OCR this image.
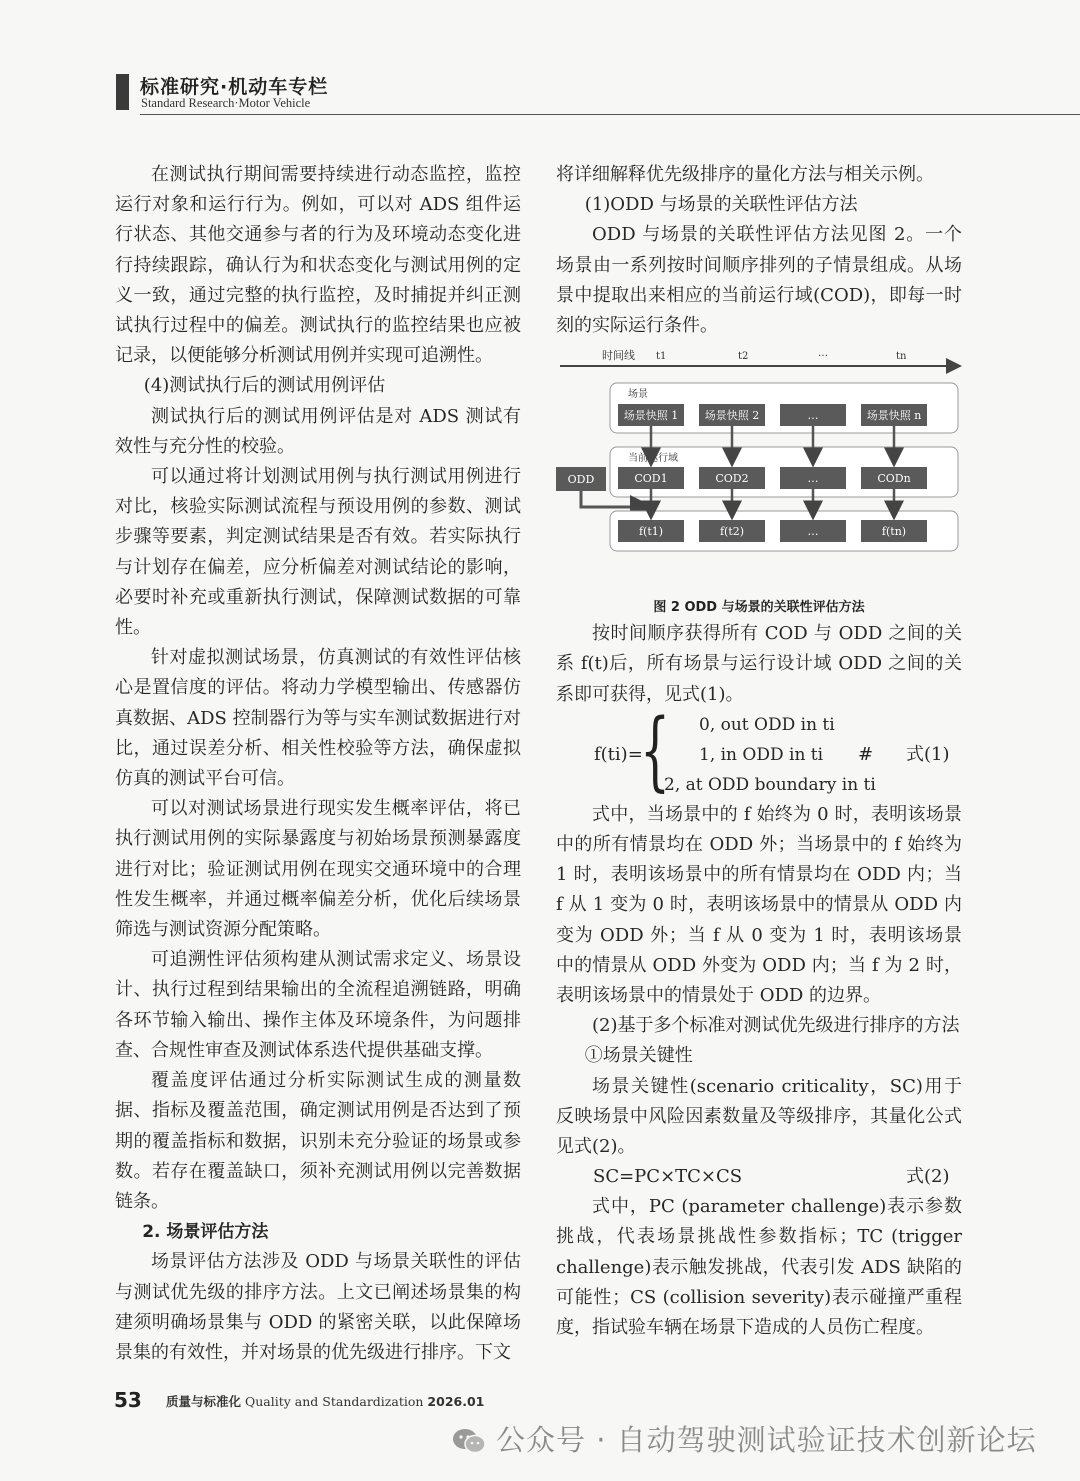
标准研究·机动车专栏
Standard Research·Motor Vehicle
在测试执行期间需要持续进行动态监控，监控运行对象和运行行为。例如，可以对 ADS 组件运行状态、其他交通参与者的行为及环境动态变化进行持续跟踪，确认行为和状态变化与测试用例的定义一致，通过完整的执行监控，及时捕捉并纠正测试执行过程中的偏差。测试执行的监控结果也应被记录，以便能够分析测试用例并实现可追溯性。
(4)测试执行后的测试用例评估
测试执行后的测试用例评估是对 ADS 测试有效性与充分性的校验。
可以通过将计划测试用例与执行测试用例进行对比，核验实际测试流程与预设用例的参数、测试步骤等要素，判定测试结果是否有效。若实际执行与计划存在偏差，应分析偏差对测试结论的影响，必要时补充或重新执行测试，保障测试数据的可靠性。
针对虚拟测试场景，仿真测试的有效性评估核心是置信度的评估。将动力学模型输出、传感器仿真数据、ADS 控制器行为等与实车测试数据进行对比，通过误差分析、相关性校验等方法，确保虚拟仿真的测试平台可信。
可以对测试场景进行现实发生概率评估，将已执行测试用例的实际暴露度与初始场景预测暴露度进行对比；验证测试用例在现实交通环境中的合理性发生概率，并通过概率偏差分析，优化后续场景筛选与测试资源分配策略。
可追溯性评估须构建从测试需求定义、场景设计、执行过程到结果输出的全流程追溯链路，明确各环节输入输出、操作主体及环境条件，为问题排查、合规性审查及测试体系迭代提供基础支撑。
覆盖度评估通过分析实际测试生成的测量数据、指标及覆盖范围，确定测试用例是否达到了预期的覆盖指标和数据，识别未充分验证的场景或参数。若存在覆盖缺口，须补充测试用例以完善数据链条。
2. 场景评估方法
场景评估方法涉及 ODD 与场景关联性的评估与测试优先级的排序方法。上文已阐述场景集的构建须明确场景集与 ODD 的紧密关联，以此保障场景集的有效性，并对场景的优先级进行排序。下文
将详细解释优先级排序的量化方法与相关示例。
(1)ODD 与场景的关联性评估方法
ODD 与场景的关联性评估方法见图 2。一个场景由一系列按时间顺序排列的子情景组成。从场景中提取出来相应的当前运行域(COD)，即每一时刻的实际运行条件。
时间线 t1	t2	…	tn
场景
场景快照 1 场景快照 2	…	场景快照 n
当前运行域
COD1	COD2	…	CODn
ODD
f(t1)	f(t2)	…	f(tn)
图 2 ODD 与场景的关联性评估方法
按时间顺序获得所有 COD 与 ODD 之间的关系 f(t)后，所有场景与运行设计域 ODD 之间的关系即可获得，见式(1)。
f(ti)=
{ 0, out ODD in ti
1, in ODD in ti
2, at ODD boundary in ti
# 式(1)
式中，当场景中的 f 始终为 0 时，表明该场景中的所有情景均在 ODD 外；当场景中的 f 始终为 1 时，表明该场景中的所有情景均在 ODD 内；当 f 从 1 变为 0 时，表明该场景中的情景从 ODD 内变为 ODD 外；当 f 从 0 变为 1 时，表明该场景中的情景从 ODD 外变为 ODD 内；当 f 为 2 时，表明该场景中的情景处于 ODD 的边界。
(2)基于多个标准对测试优先级进行排序的方法
①场景关键性
场景关键性(scenario criticality，SC)用于反映场景中风险因素数量及等级排序，其量化公式见式(2)。
SC=PC×TC×CS	式(2)
式中，PC (parameter challenge)表示参数挑战，代表场景挑战性参数指标；TC (trigger challenge)表示触发挑战，代表引发 ADS 缺陷的可能性；CS (collision severity)表示碰撞严重程度，指试验车辆在场景下造成的人员伤亡程度。
53 质量与标准化 Quality and Standardization 2026.01
公众号 · 自动驾驶测试验证技术创新论坛
